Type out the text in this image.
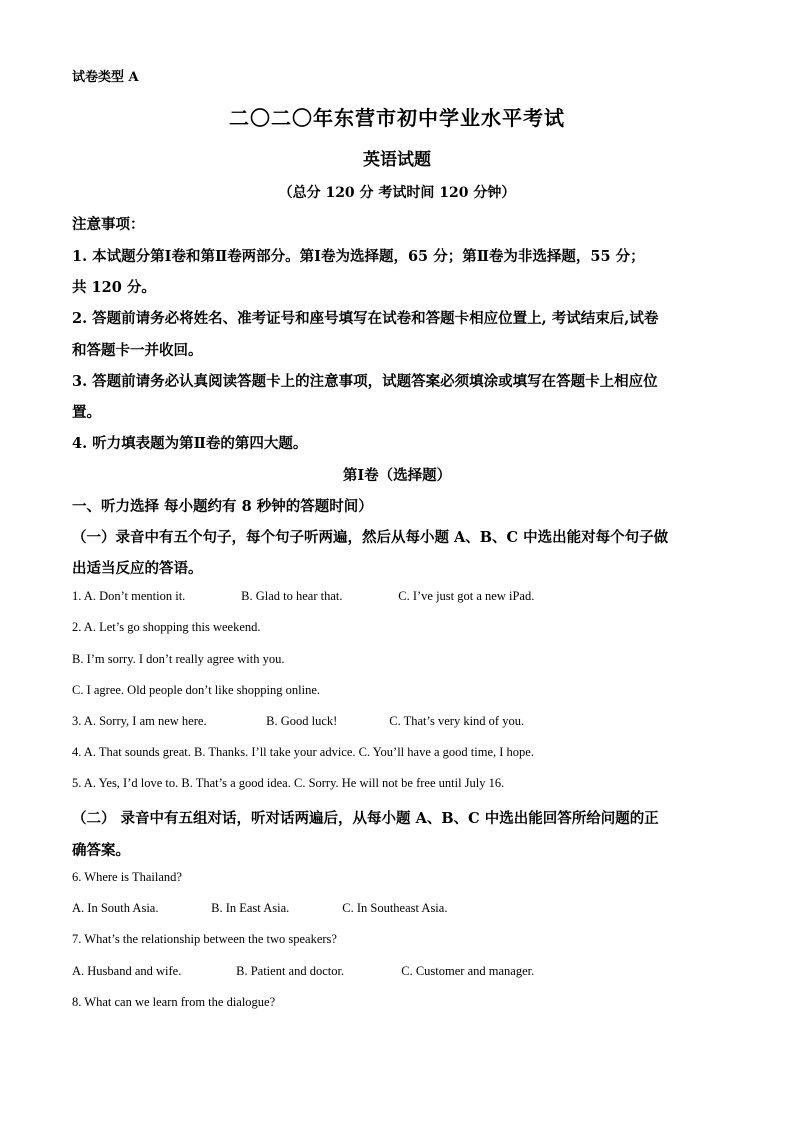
试卷类型 A
二〇二〇年东营市初中学业水平考试
英语试题
（总分 120 分 考试时间 120 分钟）
注意事项：
1. 本试题分第Ⅰ卷和第Ⅱ卷两部分。第Ⅰ卷为选择题，65 分；第Ⅱ卷为非选择题，55 分；
共 120 分。
2. 答题前请务必将姓名、准考证号和座号填写在试卷和答题卡相应位置上, 考试结束后,试卷
和答题卡一并收回。
3. 答题前请务必认真阅读答题卡上的注意事项，试题答案必须填涂或填写在答题卡上相应位
置。
4. 听力填表题为第Ⅱ卷的第四大题。
第Ⅰ卷（选择题）
一、听力选择 每小题约有 8 秒钟的答题时间）
（一）录音中有五个句子，每个句子听两遍，然后从每小题 A、B、C 中选出能对每个句子做
出适当反应的答语。
1. A. Don’t mention it.	B. Glad to hear that.	C. I’ve just got a new iPad.
2. A. Let’s go shopping this weekend.
B. I’m sorry. I don’t really agree with you.
C. I agree. Old people don’t like shopping online.
3. A. Sorry, I am new here.	B. Good luck!	C. That’s very kind of you.
4. A. That sounds great. B. Thanks. I’ll take your advice. C. You’ll have a good time, I hope.
5. A. Yes, I’d love to. B. That’s a good idea. C. Sorry. He will not be free until July 16.
（二） 录音中有五组对话，听对话两遍后，从每小题 A、B、C 中选出能回答所给问题的正
确答案。
6. Where is Thailand?
A. In South Asia.	B. In East Asia.	C. In Southeast Asia.
7. What’s the relationship between the two speakers?
A. Husband and wife.	B. Patient and doctor.	C. Customer and manager.
8. What can we learn from the dialogue?
